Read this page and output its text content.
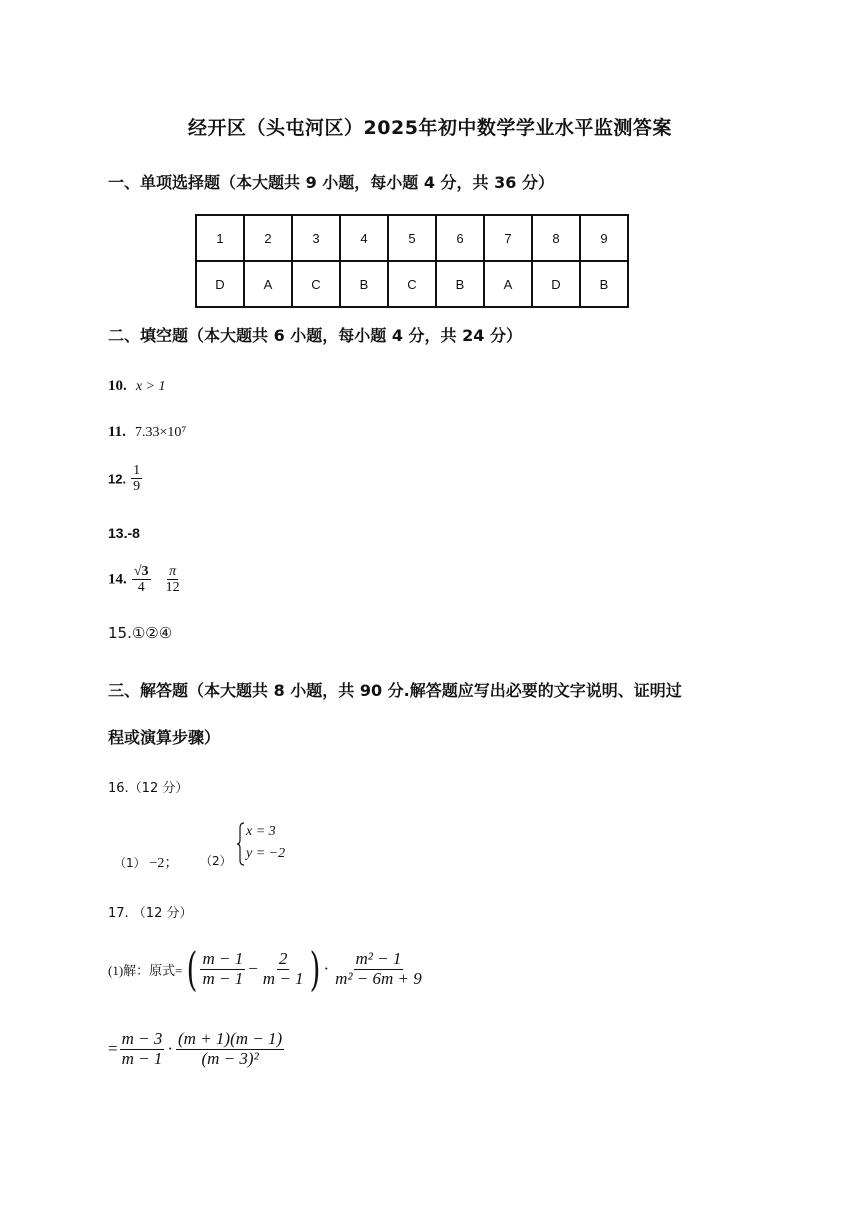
经开区（头屯河区）2025年初中数学学业水平监测答案
一、单项选择题（本大题共 9 小题，每小题 4 分，共 36 分）
1	2	3	4	5	6	7	8	9
D	A	C	B	C	B	A	D	B
二、填空题（本大题共 6 小题，每小题 4 分，共 24 分）
10. x > 1
11. 7.33×10⁷
12. $\frac{1}{9}$
13.-8
14. $\frac{√3}{4}$
$\frac{\pi}{12}$
15.①②④
三、解答题（本大题共 8 小题，共 90 分.解答题应写出必要的文字说明、证明过
程或演算步骤）
16.（12 分）
（1） −2； （2）
x = 3
y = −2
17. （12 分）
(1)解：原式= ( $\frac{m - 1}{m - 1} - \frac{2}{m - 1}$ ) · $\frac{\text{m² − 1}}{\text{m² − 6m + 9}}$
= $\frac{m - 3}{m - 1} \cdot \frac{(m + 1)(m - 1)}{\text{(m − 3)²}}$
